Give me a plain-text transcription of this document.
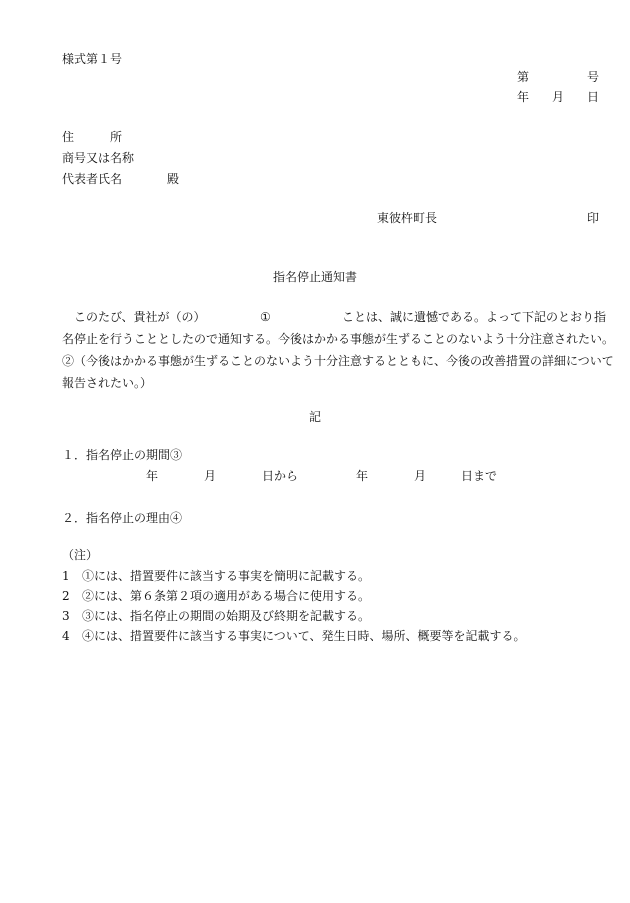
様式第１号
第	号
年 月 日
住　　　所
商号又は名称
代表者氏名	殿
東彼杵町長	印
指名停止通知書
このたび、貴社が（の）	①	ことは、誠に遺憾である。よって下記のとおり指
名停止を行うこととしたので通知する。今後はかかる事態が生ずることのないよう十分注意されたい。
②（今後はかかる事態が生ずることのないよう十分注意するとともに、今後の改善措置の詳細について
報告されたい。）
記
１．指名停止の期間③
年	月	日から	年	月	日まで
２．指名停止の理由④
（注）
1 ①には、措置要件に該当する事実を簡明に記載する。
2 ②には、第６条第２項の適用がある場合に使用する。
3 ③には、指名停止の期間の始期及び終期を記載する。
4 ④には、措置要件に該当する事実について、発生日時、場所、概要等を記載する。
